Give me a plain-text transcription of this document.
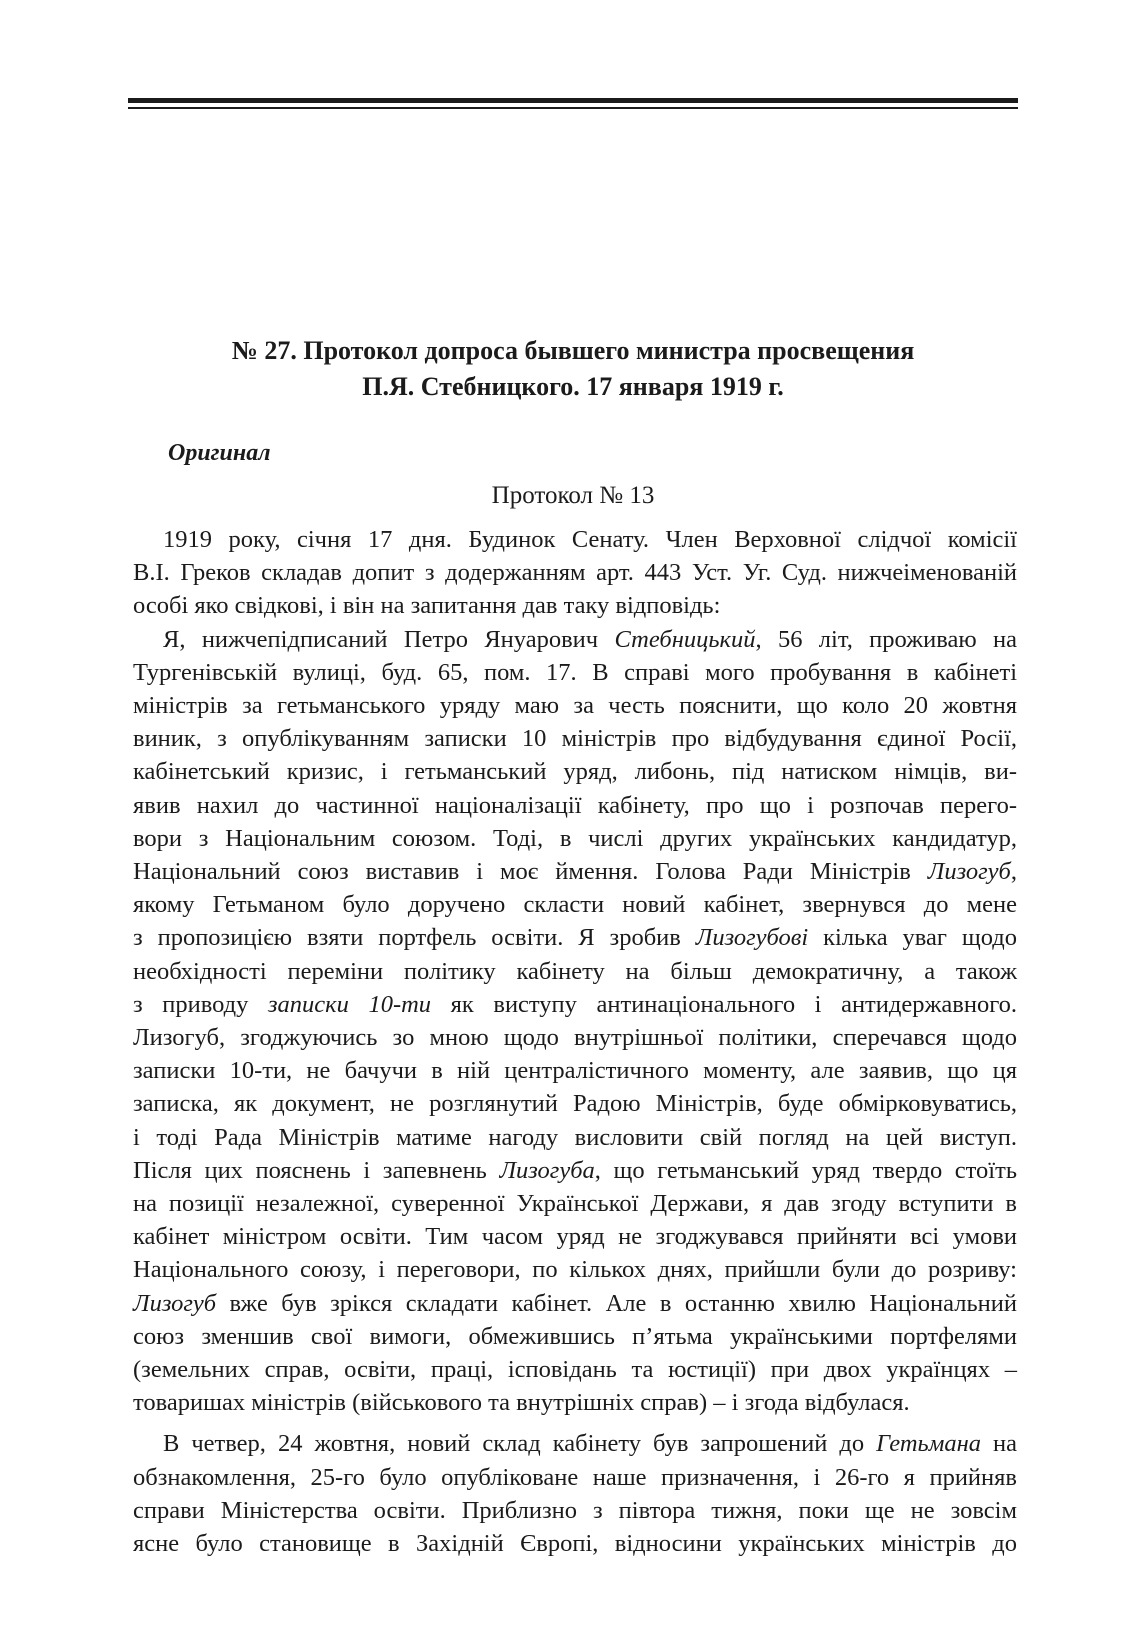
№ 27. Протокол допроса бывшего министра просвещения
П.Я. Стебницкого. 17 января 1919 г.
Оригинал
Протокол № 13

1919 року, січня 17 дня. Будинок Сенату. Член Верховної слідчої комісії

В.І. Греков складав допит з додержанням арт. 443 Уст. Уг. Суд. нижчеіменованій

особі яко свідкові, і він на запитання дав таку відповідь:

Я, нижчепідписаний Петро Януарович Стебницький, 56 літ, проживаю на

Тургенівській вулиці, буд. 65, пом. 17. В справі мого пробування в кабінеті

міністрів за гетьманського уряду маю за честь пояснити, що коло 20 жовтня

виник, з опублікуванням записки 10 міністрів про відбудування єдиної Росії,

кабінетський кризис, і гетьманський уряд, либонь, під натиском німців, ви-

явив нахил до частинної націоналізації кабінету, про що і розпочав перего-

вори з Національним союзом. Тоді, в числі других українських кандидатур,

Національний союз виставив і моє ймення. Голова Ради Міністрів Лизогуб,

якому Гетьманом було доручено скласти новий кабінет, звернувся до мене

з пропозицією взяти портфель освіти. Я зробив Лизогубові кілька уваг щодо

необхідності переміни політику кабінету на більш демократичну, а також

з приводу записки 10-ти як виступу антинаціонального і антидержавного.

Лизогуб, згоджуючись зо мною щодо внутрішньої політики, сперечався щодо

записки 10-ти, не бачучи в ній централістичного моменту, але заявив, що ця

записка, як документ, не розглянутий Радою Міністрів, буде обмірковуватись,

і тоді Рада Міністрів матиме нагоду висловити свій погляд на цей виступ.

Після цих пояснень і запевнень Лизогуба, що гетьманський уряд твердо стоїть

на позиції незалежної, суверенної Української Держави, я дав згоду вступити в

кабінет міністром освіти. Тим часом уряд не згоджувався прийняти всі умови

Національного союзу, і переговори, по кількох днях, прийшли були до розриву:

Лизогуб вже був зрікся складати кабінет. Але в останню хвилю Національний

союз зменшив свої вимоги, обмежившись п’ятьма українськими портфелями

(земельних справ, освіти, праці, ісповідань та юстиції) при двох українцях –

товаришах міністрів (військового та внутрішніх справ) – і згода відбулася.

В четвер, 24 жовтня, новий склад кабінету був запрошений до Гетьмана на

обзнакомлення, 25-го було опубліковане наше призначення, і 26-го я прийняв

справи Міністерства освіти. Приблизно з півтора тижня, поки ще не зовсім

ясне було становище в Західній Європі, відносини українських міністрів до
